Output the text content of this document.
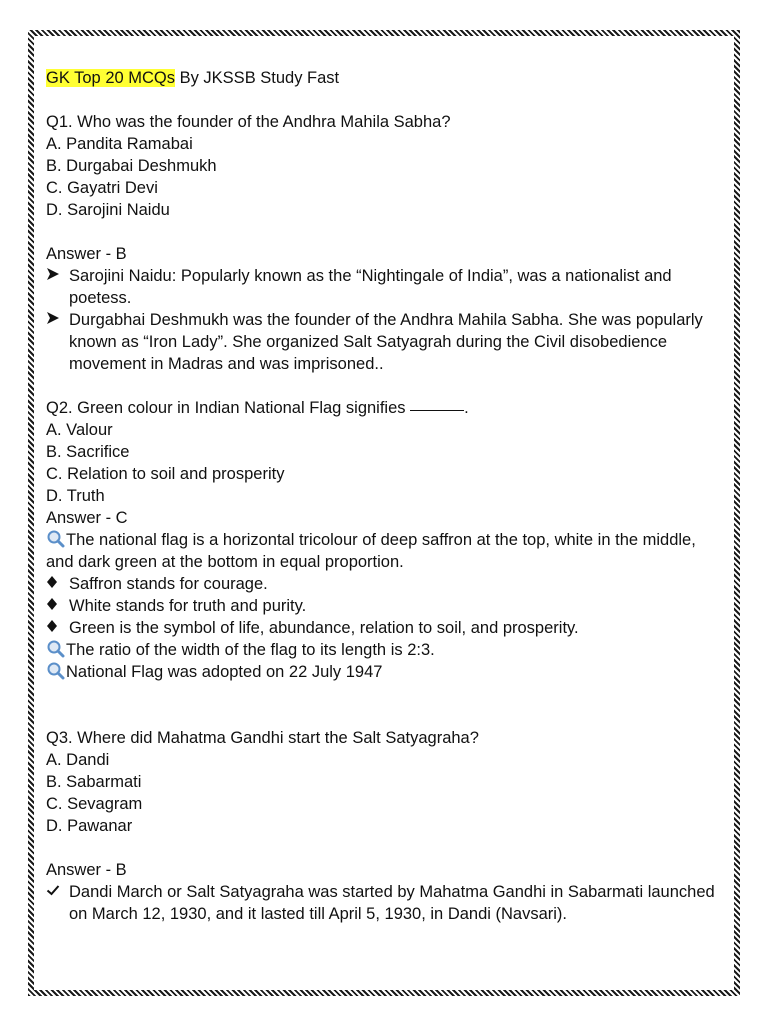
GK Top 20 MCQs By JKSSB Study Fast
Q1. Who was the founder of the Andhra Mahila Sabha?
A. Pandita Ramabai
B. Durgabai Deshmukh
C. Gayatri Devi
D. Sarojini Naidu
Answer - B
Sarojini Naidu: Popularly known as the “Nightingale of India”, was a nationalist and poetess.
Durgabhai Deshmukh was the founder of the Andhra Mahila Sabha. She was popularly known as “Iron Lady”. She organized Salt Satyagrah during the Civil disobedience movement in Madras and was imprisoned..
Q2. Green colour in Indian National Flag signifies	.
A. Valour
B. Sacrifice
C. Relation to soil and prosperity
D. Truth
Answer - C
The national flag is a horizontal tricolour of deep saffron at the top, white in the middle, and dark green at the bottom in equal proportion.
Saffron stands for courage.
White stands for truth and purity.
Green is the symbol of life, abundance, relation to soil, and prosperity.
The ratio of the width of the flag to its length is 2:3.
National Flag was adopted on 22 July 1947
Q3. Where did Mahatma Gandhi start the Salt Satyagraha?
A. Dandi
B. Sabarmati
C. Sevagram
D. Pawanar
Answer - B
Dandi March or Salt Satyagraha was started by Mahatma Gandhi in Sabarmati launched on March 12, 1930, and it lasted till April 5, 1930, in Dandi (Navsari).
